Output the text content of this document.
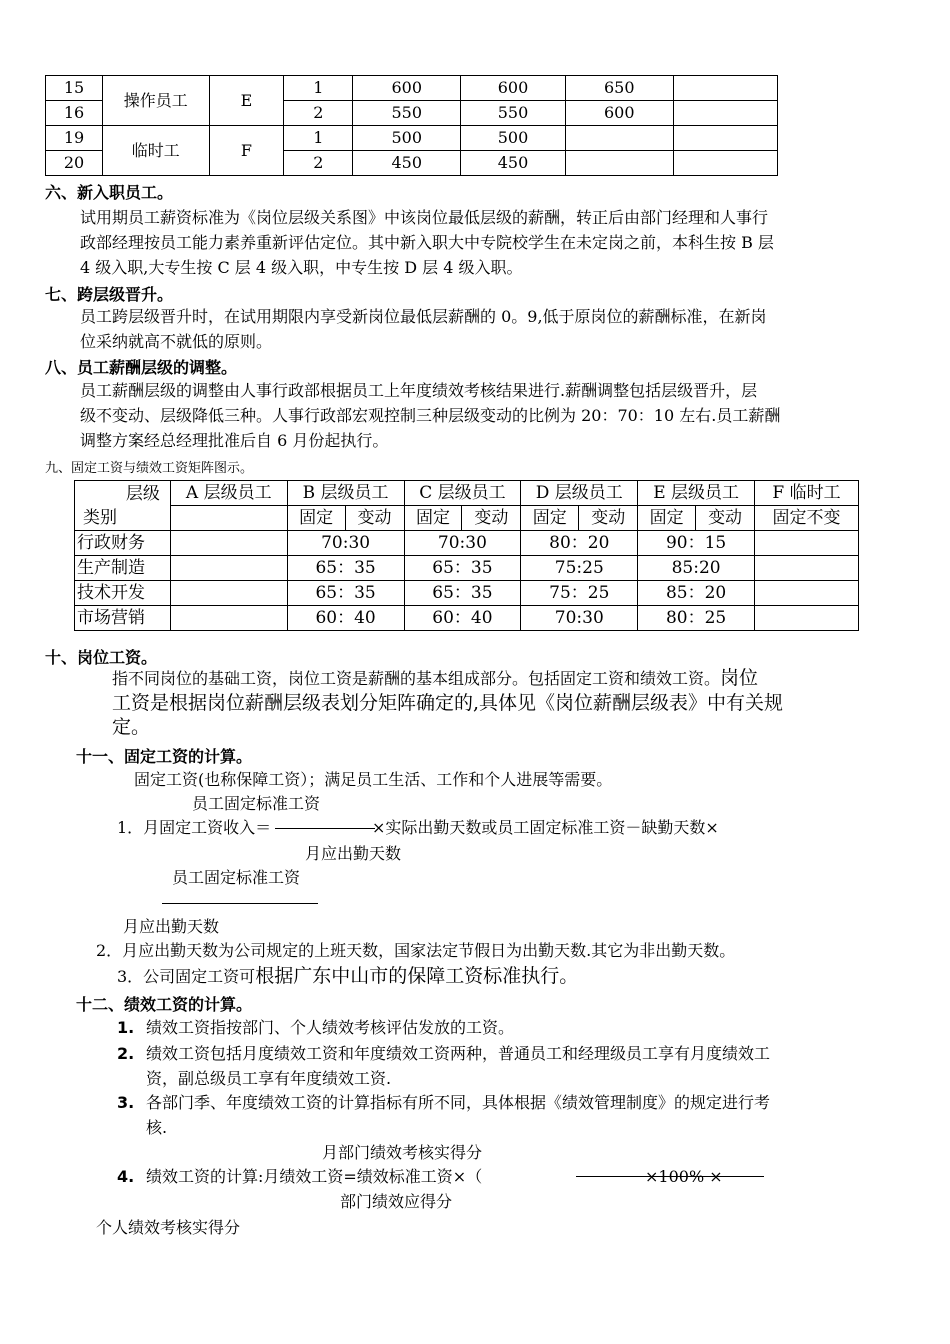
15	操作员工	E	1	600	600	650	
16			2	550	550	600	
19	临时工	F	1	500	500		
20			2	450	450		
六、新入职员工。
试用期员工薪资标准为《岗位层级关系图》中该岗位最低层级的薪酬，转正后由部门经理和人事行
政部经理按员工能力素养重新评估定位。其中新入职大中专院校学生在未定岗之前，本科生按 B 层
4 级入职,大专生按 C 层 4 级入职，中专生按 D 层 4 级入职。
七、跨层级晋升。
员工跨层级晋升时，在试用期限内享受新岗位最低层薪酬的 0。9,低于原岗位的薪酬标准，在新岗
位采纳就高不就低的原则。
八、员工薪酬层级的调整。
员工薪酬层级的调整由人事行政部根据员工上年度绩效考核结果进行.薪酬调整包括层级晋升，层
级不变动、层级降低三种。人事行政部宏观控制三种层级变动的比例为 20：70：10 左右.员工薪酬
调整方案经总经理批准后自 6 月份起执行。
九、固定工资与绩效工资矩阵图示。
层级
类别	A 层级员工	B 层级员工		C 层级员工		D 层级员工		E 层级员工		F 临时工
		固定	变动	固定	变动	固定	变动	固定	变动	固定不变
行政财务		70:30		70:30		80：20		90：15		
生产制造		65：35		65：35		75:25		85:20		
技术开发		65：35		65：35		75：25		85：20		
市场营销		60：40		60：40		70:30		80：25		
十、岗位工资。
指不同岗位的基础工资，岗位工资是薪酬的基本组成部分。包括固定工资和绩效工资。岗位
工资是根据岗位薪酬层级表划分矩阵确定的,具体见《岗位薪酬层级表》中有关规
定。
十一、固定工资的计算。
固定工资(也称保障工资）；满足员工生活、工作和个人进展等需要。
员工固定标准工资
1．月固定工资收入＝	×实际出勤天数或员工固定标准工资－缺勤天数×
月应出勤天数
员工固定标准工资
月应出勤天数
2．月应出勤天数为公司规定的上班天数，国家法定节假日为出勤天数.其它为非出勤天数。
3．公司固定工资可根据广东中山市的保障工资标准执行。
十二、绩效工资的计算。
1. 绩效工资指按部门、个人绩效考核评估发放的工资。
2. 绩效工资包括月度绩效工资和年度绩效工资两种，普通员工和经理级员工享有月度绩效工
资，副总级员工享有年度绩效工资.
3. 各部门季、年度绩效工资的计算指标有所不同，具体根据《绩效管理制度》的规定进行考
核.
月部门绩效考核实得分
4. 绩效工资的计算:月绩效工资=绩效标准工资×（	×100% ×
部门绩效应得分
个人绩效考核实得分
